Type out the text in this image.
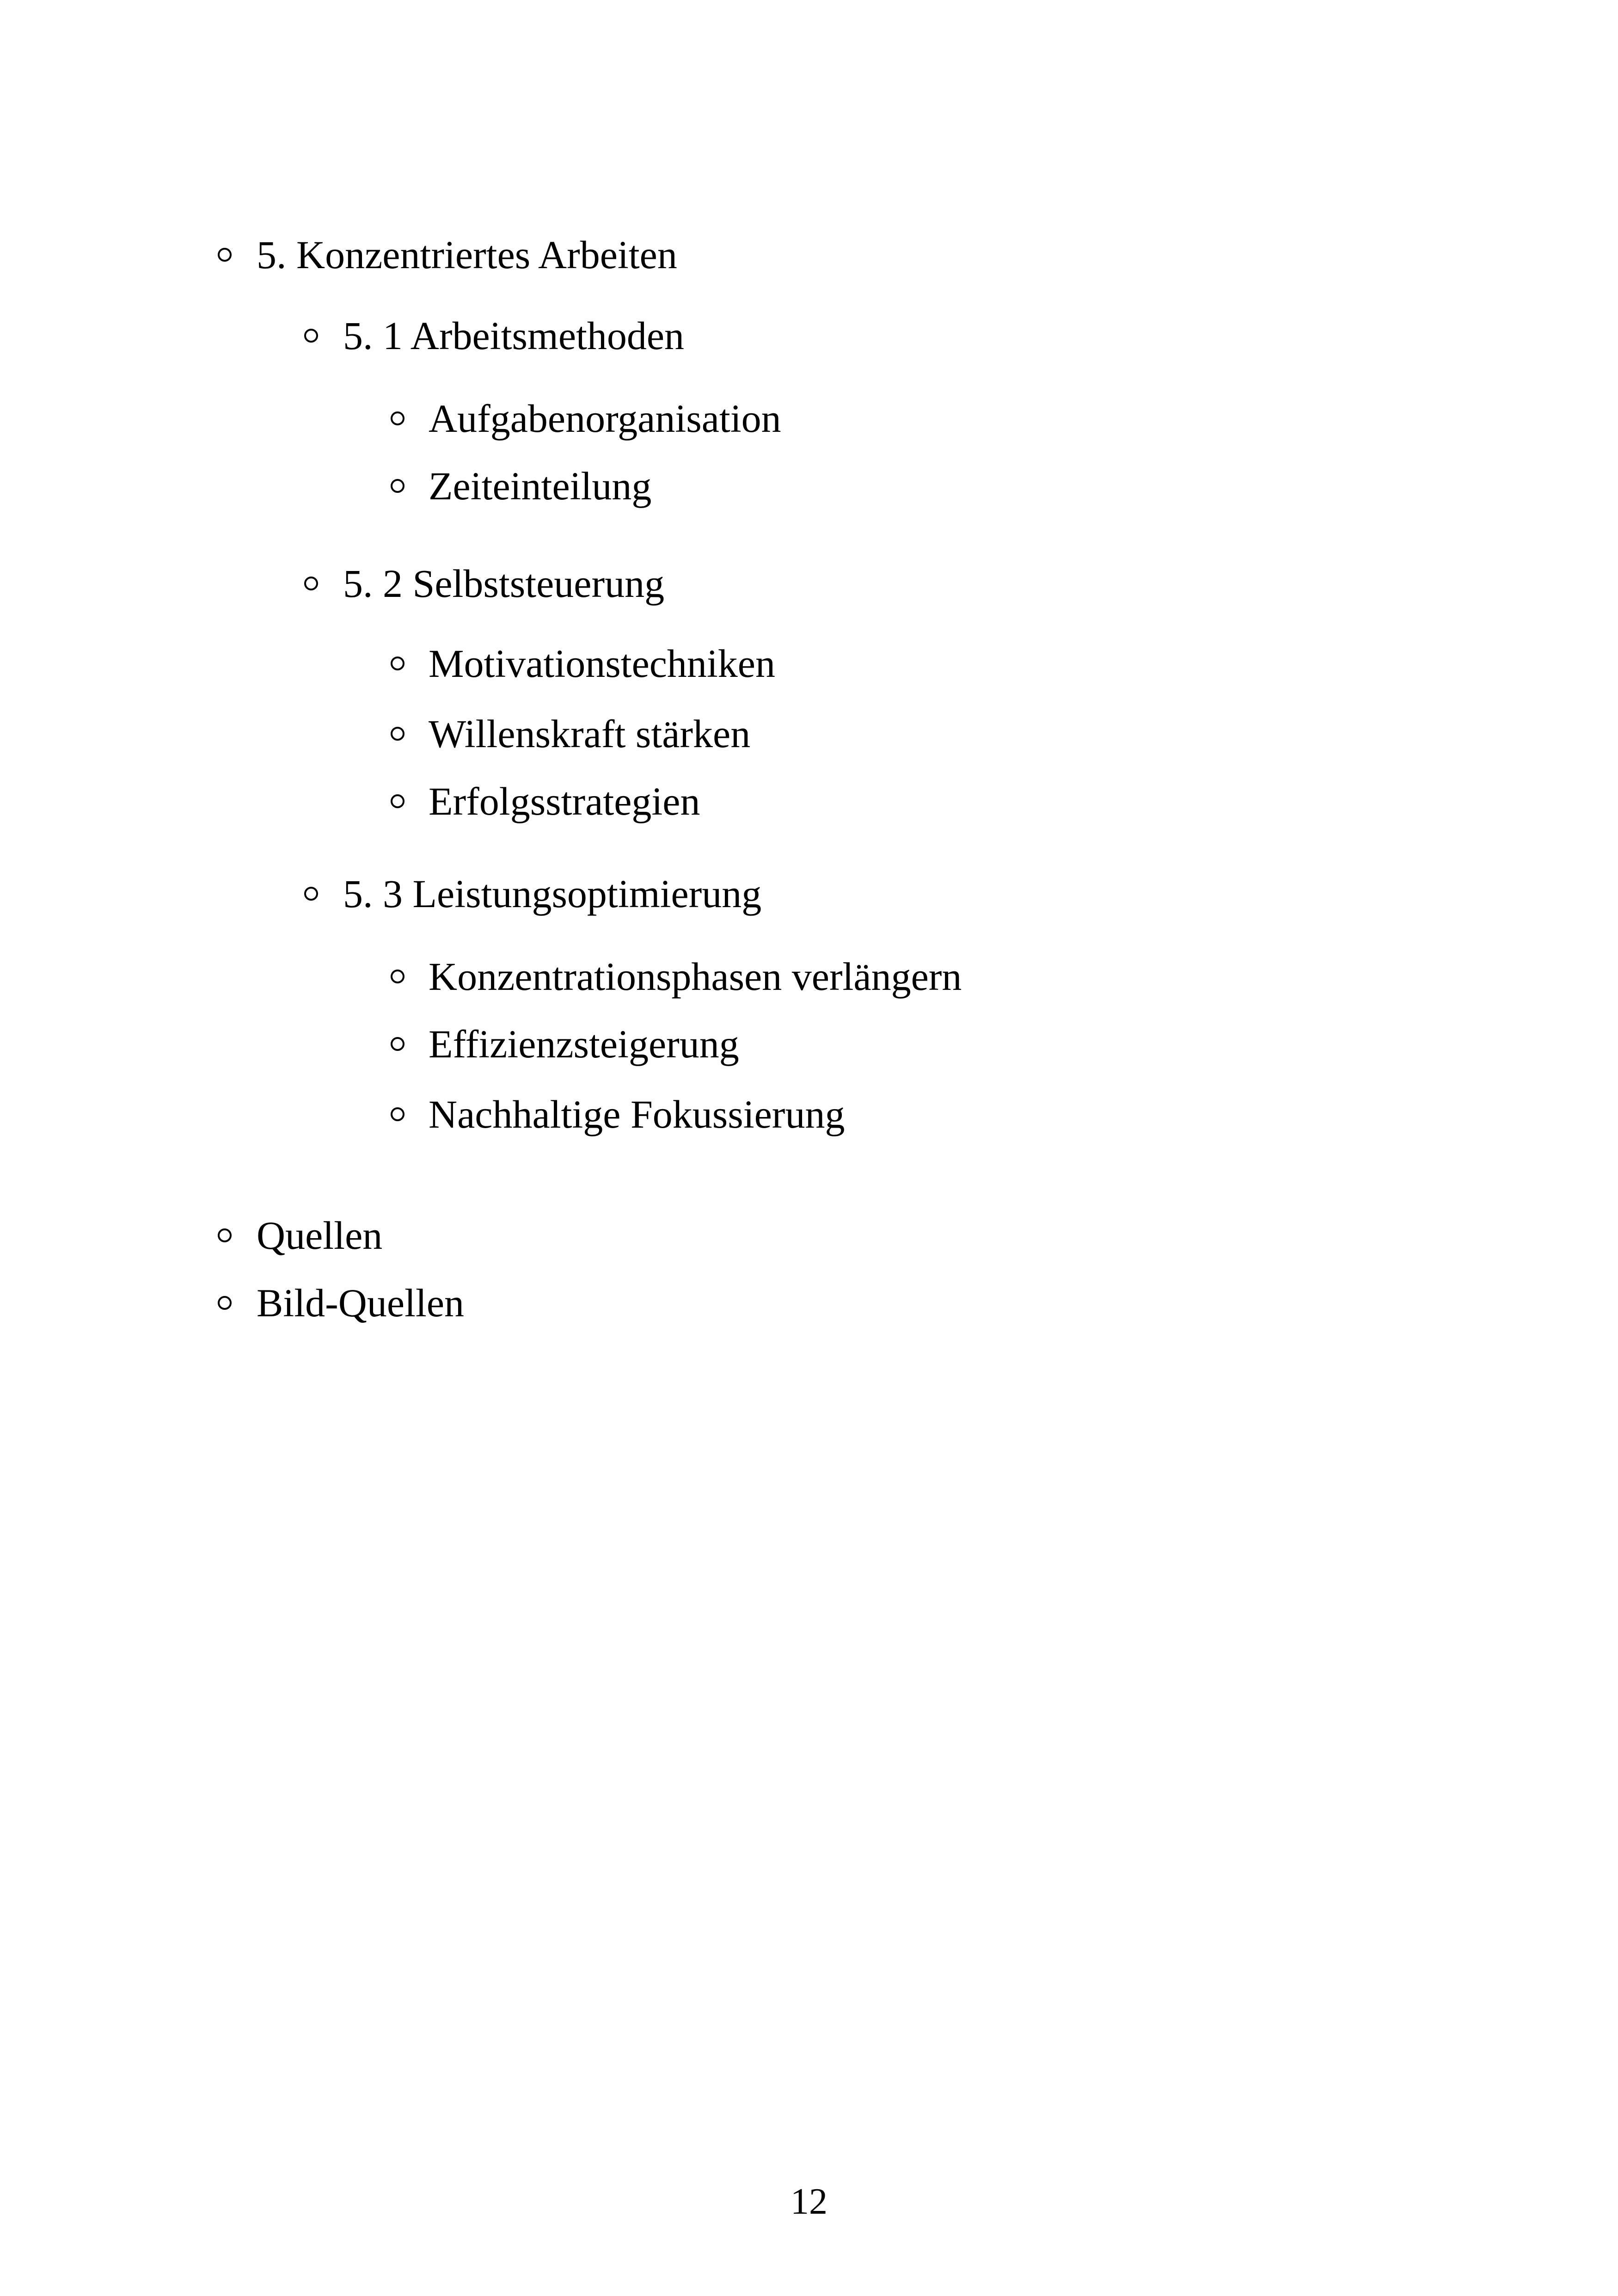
5. Konzentriertes Arbeiten
5. 1 Arbeitsmethoden
Aufgabenorganisation
Zeiteinteilung
5. 2 Selbststeuerung
Motivationstechniken
Willenskraft stärken
Erfolgsstrategien
5. 3 Leistungsoptimierung
Konzentrationsphasen verlängern
Effizienzsteigerung
Nachhaltige Fokussierung
Quellen
Bild-Quellen
12
